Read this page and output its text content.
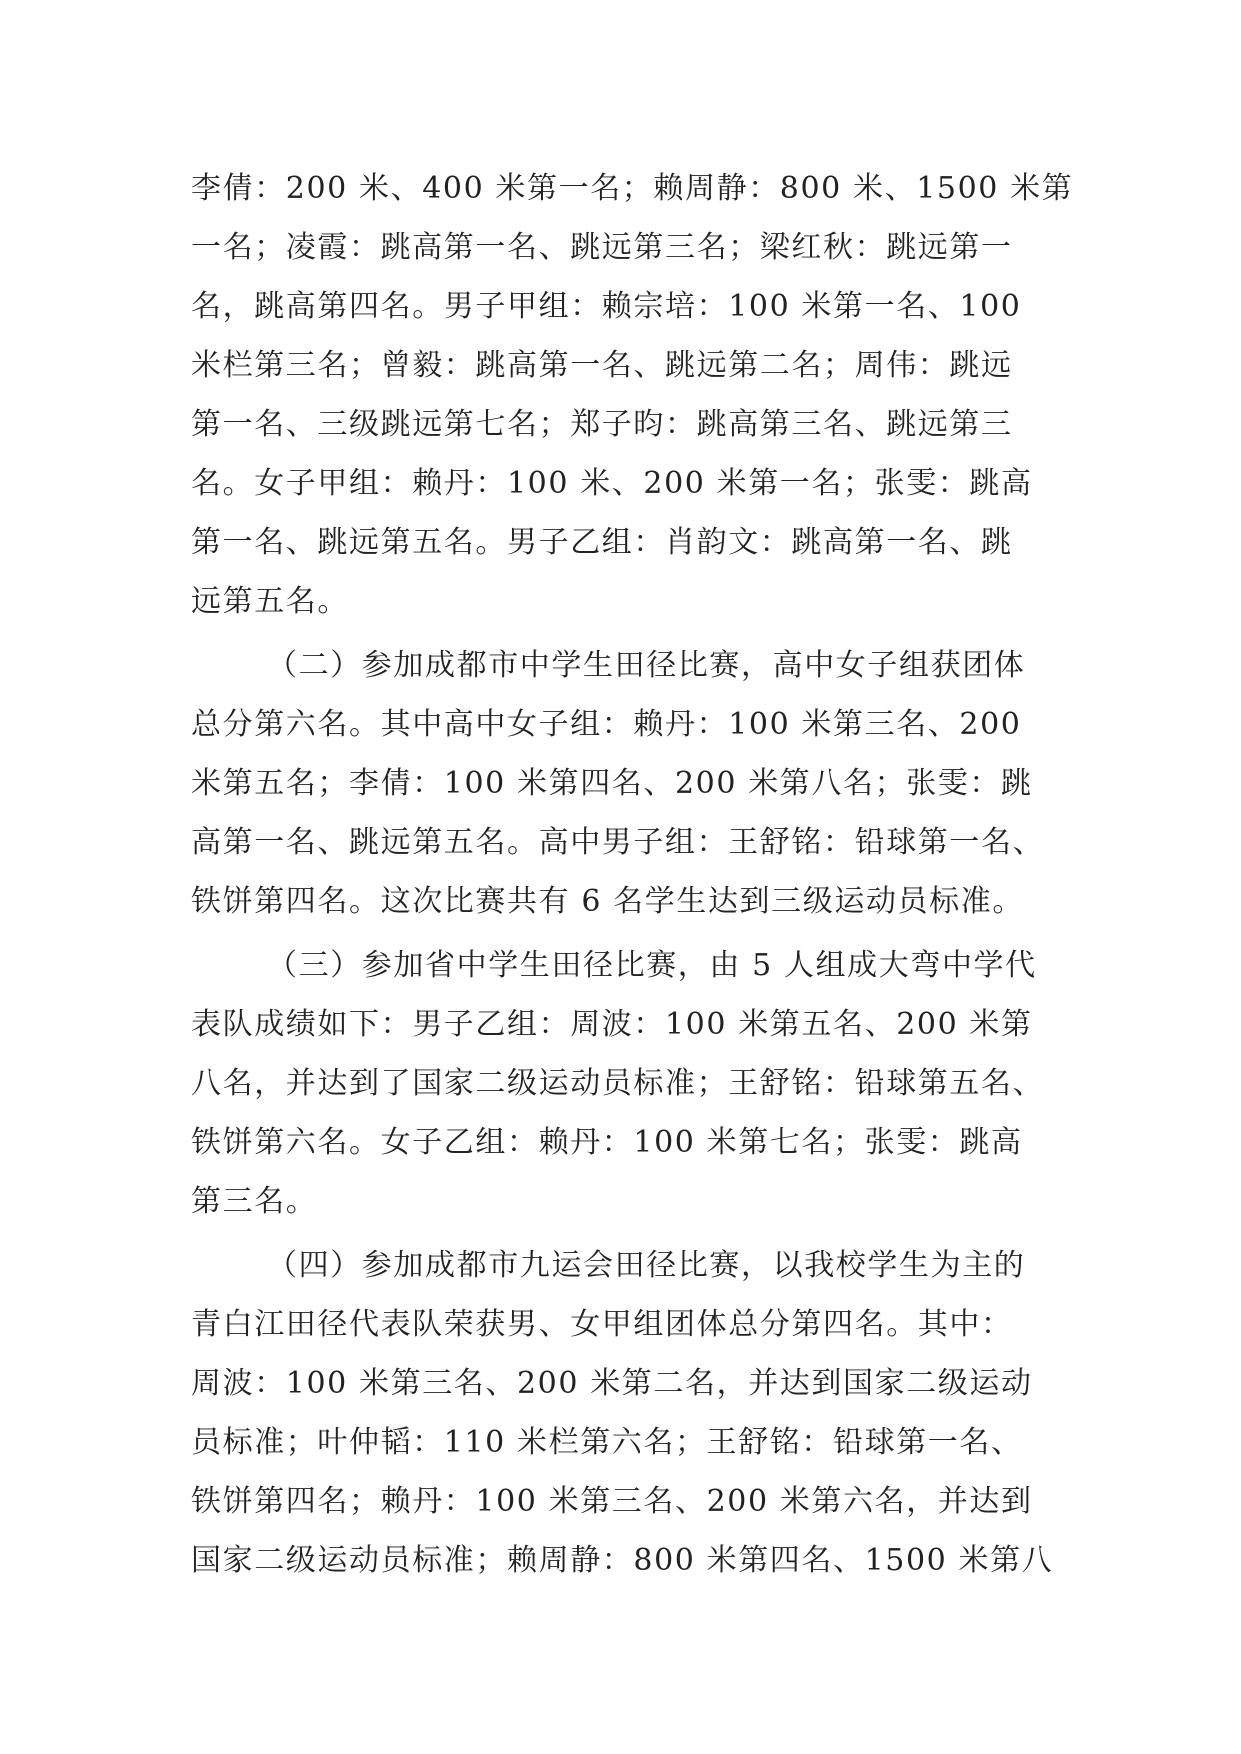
李倩：200 米、400 米第一名；赖周静：800 米、1500 米第
一名；凌霞：跳高第一名、跳远第三名；梁红秋：跳远第一
名，跳高第四名。男子甲组：赖宗培：100 米第一名、100
米栏第三名；曾毅：跳高第一名、跳远第二名；周伟：跳远
第一名、三级跳远第七名；郑子昀：跳高第三名、跳远第三
名。女子甲组：赖丹：100 米、200 米第一名；张雯：跳高
第一名、跳远第五名。男子乙组：肖韵文：跳高第一名、跳
远第五名。
（二）参加成都市中学生田径比赛，高中女子组获团体
总分第六名。其中高中女子组：赖丹：100 米第三名、200
米第五名；李倩：100 米第四名、200 米第八名；张雯：跳
高第一名、跳远第五名。高中男子组：王舒铭：铅球第一名、
铁饼第四名。这次比赛共有 6 名学生达到三级运动员标准。
（三）参加省中学生田径比赛，由 5 人组成大弯中学代
表队成绩如下：男子乙组：周波：100 米第五名、200 米第
八名，并达到了国家二级运动员标准；王舒铭：铅球第五名、
铁饼第六名。女子乙组：赖丹：100 米第七名；张雯：跳高
第三名。
（四）参加成都市九运会田径比赛，以我校学生为主的
青白江田径代表队荣获男、女甲组团体总分第四名。其中：
周波：100 米第三名、200 米第二名，并达到国家二级运动
员标准；叶仲韬：110 米栏第六名；王舒铭：铅球第一名、
铁饼第四名；赖丹：100 米第三名、200 米第六名，并达到
国家二级运动员标准；赖周静：800 米第四名、1500 米第八
